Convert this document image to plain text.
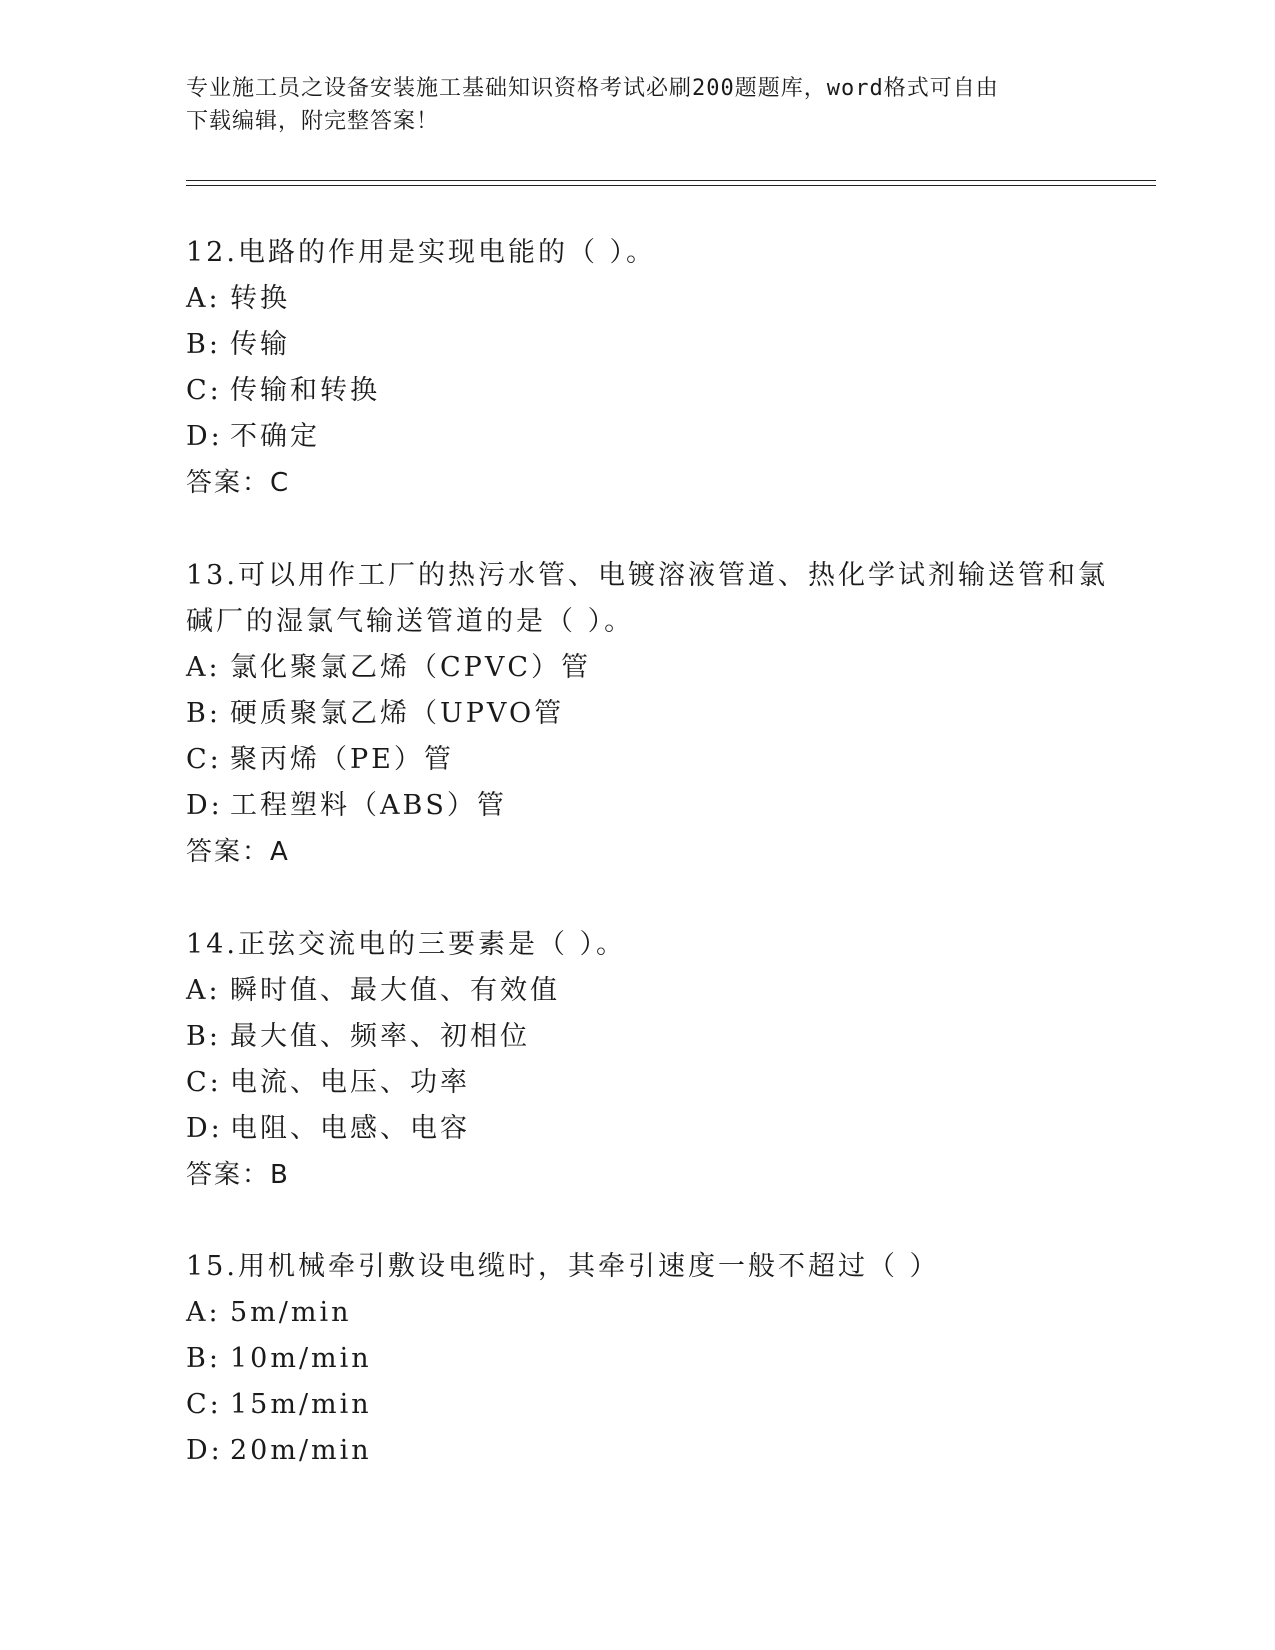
专业施工员之设备安装施工基础知识资格考试必刷200题题库，word格式可自由
下载编辑，附完整答案！
12.电路的作用是实现电能的（ ）。
A: 转换
B: 传输
C: 传输和转换
D: 不确定
答案：C
13.可以用作工厂的热污水管、电镀溶液管道、热化学试剂输送管和氯
碱厂的湿氯气输送管道的是（ ）。
A: 氯化聚氯乙烯（CPVC）管
B: 硬质聚氯乙烯（UPVO管
C: 聚丙烯（PE）管
D: 工程塑料（ABS）管
答案：A
14.正弦交流电的三要素是（ ）。
A: 瞬时值、最大值、有效值
B: 最大值、频率、初相位
C: 电流、电压、功率
D: 电阻、电感、电容
答案：B
15.用机械牵引敷设电缆时，其牵引速度一般不超过（ ）
A: 5m/min
B: 10m/min
C: 15m/min
D: 20m/min
